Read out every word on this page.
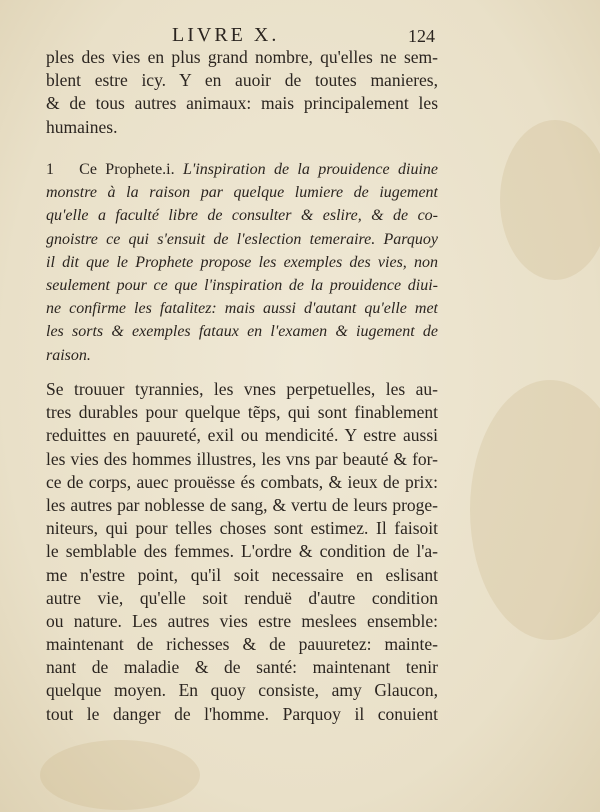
LIVRE X.	124
ples des vies en plus grand nombre, qu'elles ne sem-
blent estre icy. Y en auoir de toutes manieres,
& de tous autres animaux: mais principalement les
humaines.
1 Ce Prophete.i. L'inspiration de la prouidence diuine
monstre à la raison par quelque lumiere de iugement
qu'elle a faculté libre de consulter & eslire, & de co-
gnoistre ce qui s'ensuit de l'eslection temeraire. Parquoy
il dit que le Prophete propose les exemples des vies, non
seulement pour ce que l'inspiration de la prouidence diui-
ne confirme les fatalitez: mais aussi d'autant qu'elle met
les sorts & exemples fataux en l'examen & iugement de
raison.
Se trouuer tyrannies, les vnes perpetuelles, les au-
tres durables pour quelque tẽps, qui sont finablement
reduittes en pauureté, exil ou mendicité. Y estre aussi
les vies des hommes illustres, les vns par beauté & for-
ce de corps, auec prouësse és combats, & ieux de prix:
les autres par noblesse de sang, & vertu de leurs proge-
niteurs, qui pour telles choses sont estimez. Il faisoit
le semblable des femmes. L'ordre & condition de l'a-
me n'estre point, qu'il soit necessaire en eslisant
autre vie, qu'elle soit renduë d'autre condition
ou nature. Les autres vies estre meslees ensemble:
maintenant de richesses & de pauuretez: mainte-
nant de maladie & de santé: maintenant tenir
quelque moyen. En quoy consiste, amy Glaucon,
tout le danger de l'homme. Parquoy il conuient
